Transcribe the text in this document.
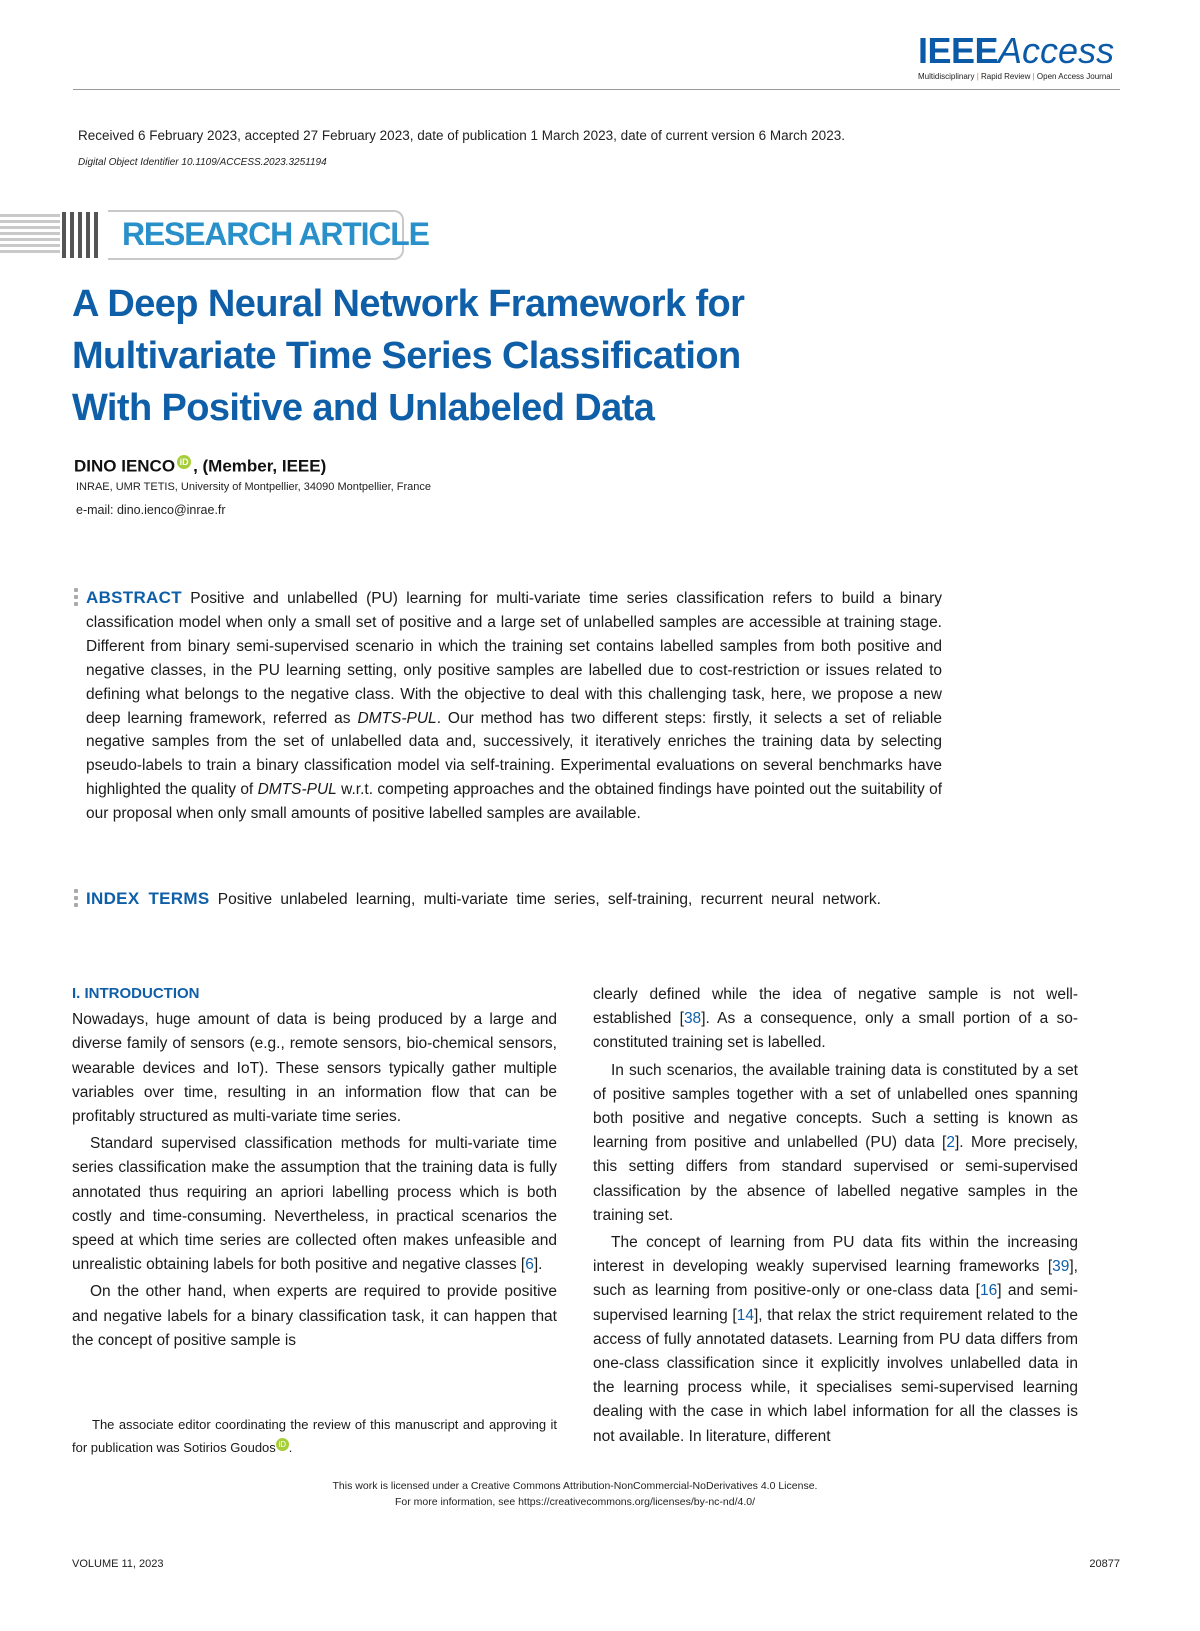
IEEEAccess
Multidisciplinary | Rapid Review | Open Access Journal
Received 6 February 2023, accepted 27 February 2023, date of publication 1 March 2023, date of current version 6 March 2023.
Digital Object Identifier 10.1109/ACCESS.2023.3251194
RESEARCH ARTICLE
A Deep Neural Network Framework for
Multivariate Time Series Classification
With Positive and Unlabeled Data
DINO IENCO iD , (Member, IEEE)
INRAE, UMR TETIS, University of Montpellier, 34090 Montpellier, France
e-mail: dino.ienco@inrae.fr

ABSTRACT Positive and unlabelled (PU) learning for multi-variate time series classification refers to build a binary classification model when only a small set of positive and a large set of unlabelled samples are accessible at training stage. Different from binary semi-supervised scenario in which the training set contains labelled samples from both positive and negative classes, in the PU learning setting, only positive samples are labelled due to cost-restriction or issues related to defining what belongs to the negative class. With the objective to deal with this challenging task, here, we propose a new deep learning framework, referred as DMTS-PUL. Our method has two different steps: firstly, it selects a set of reliable negative samples from the set of unlabelled data and, successively, it iteratively enriches the training data by selecting pseudo-labels to train a binary classification model via self-training. Experimental evaluations on several benchmarks have highlighted the quality of DMTS-PUL w.r.t. competing approaches and the obtained findings have pointed out the suitability of our proposal when only small amounts of positive labelled samples are available.

INDEX TERMS Positive unlabeled learning, multi-variate time series, self-training, recurrent neural network.

I. INTRODUCTION

Nowadays, huge amount of data is being produced by a large and diverse family of sensors (e.g., remote sensors, bio-chemical sensors, wearable devices and IoT). These sensors typically gather multiple variables over time, resulting in an information flow that can be profitably structured as multi-variate time series.

Standard supervised classification methods for multi-variate time series classification make the assumption that the training data is fully annotated thus requiring an apriori labelling process which is both costly and time-consuming. Nevertheless, in practical scenarios the speed at which time series are collected often makes unfeasible and unrealistic obtaining labels for both positive and negative classes [6].

On the other hand, when experts are required to provide positive and negative labels for a binary classification task, it can happen that the concept of positive sample is

The associate editor coordinating the review of this manuscript and approving it for publication was Sotirios Goudos iD .

clearly defined while the idea of negative sample is not well-established [38]. As a consequence, only a small portion of a so-constituted training set is labelled.

In such scenarios, the available training data is constituted by a set of positive samples together with a set of unlabelled ones spanning both positive and negative concepts. Such a setting is known as learning from positive and unlabelled (PU) data [2]. More precisely, this setting differs from standard supervised or semi-supervised classification by the absence of labelled negative samples in the training set.

The concept of learning from PU data fits within the increasing interest in developing weakly supervised learning frameworks [39], such as learning from positive-only or one-class data [16] and semi-supervised learning [14], that relax the strict requirement related to the access of fully annotated datasets. Learning from PU data differs from one-class classification since it explicitly involves unlabelled data in the learning process while, it specialises semi-supervised learning dealing with the case in which label information for all the classes is not available. In literature, different

This work is licensed under a Creative Commons Attribution-NonCommercial-NoDerivatives 4.0 License.
For more information, see https://creativecommons.org/licenses/by-nc-nd/4.0/
VOLUME 11, 2023	20877
